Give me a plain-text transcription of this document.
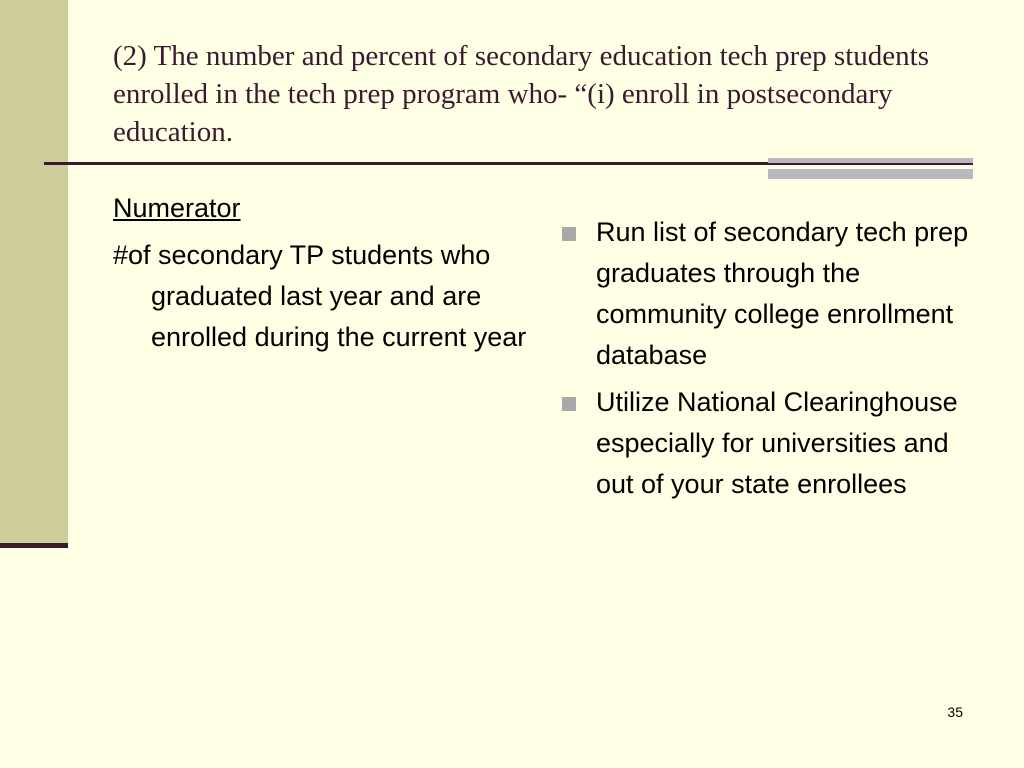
(2) The number and percent of secondary education tech prep students enrolled in the tech prep program who- “(i) enroll in postsecondary education.
Numerator
#of secondary TP students who graduated last year and are enrolled during the current year
Run list of secondary tech prep graduates through the community college enrollment database
Utilize National Clearinghouse especially for universities and out of your state enrollees
35
